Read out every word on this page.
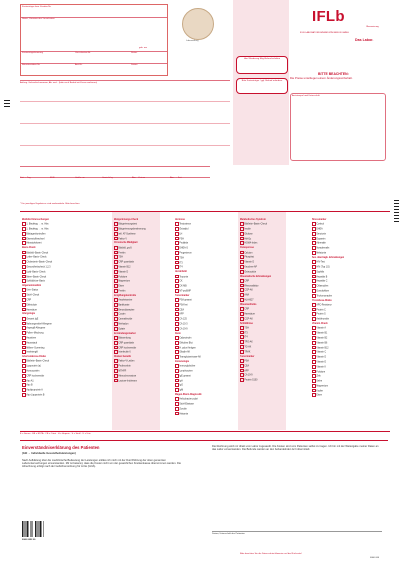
Kostenträger bzw. Kunden-Nr.
Name, Vorname des Versicherten
geb. am
Kostenträgerkennung	Versicherten-Nr.	Status
Betriebsstätten-Nr.	Arzt-Nr.	Datum
Laborauftrag
IFLb
IFLB LABORATORIUMSMEDIZIN BERLIN GMBH
Das Labor.
Überweisung
Hier Wiederung Eilig-Befund erhalten
Bitte Kostenträger / ggf. Befund anfordern
BITTE BEACHTEN:
Die Preise unterliegen einem Änderungsvorbehalt.
Arztstempel und Unterschrift
Auftrag: Gelsenkirchenmmer, Ab- und... (bitte nach Bedarf mit Kreuz markieren)
Zeit → Tag	EDB	Größe cm	Gewicht kg	Abn.→Datum	Abn. → Zeit
* Die jeweiligen Ergebnisse sind werbemitteln. Bitte beachten.
Blutbild-Untersuchungen
1. Bindetag → m. Hbe.
1. Bindetag → m. Hbe.
Bluttageskontrollen
Eisenstoffwechsel
Hämatokritwert
Basis-Check
Blutbild–Basis–Check
Leber–Basis–Check
Cholesterin–Basis–Check
Gesundheitscheck 1,2,3
Lipid–Basis–Check
Niere–Basis–Check
Schilddrüse–Basis
Allgemeinmedizin
Urin–Status
Stuhl–Check
CRP
Elektrolyte
Harnsäure
Allergologie
Gesamt IgE
Nahrungsmittel-Allergene
Aspergill-Allergene
Pollen–Mischung
Haustiere
Hausstaub
Milben–Screening
Insektengift
Arteriosklerose-Risiko
Blutfette–Basis–Check
Lipoprotein (a)
Homocystein
CRP hochsensitiv
Apo A1
Apo B
Apolipoprotein A
Apo-Lipoprotein B
Blutgerinnungs-Check
Blutgerinnungstest
Blutgerinnungsbestimmung
inkl. AT-Synthese
Faktor V
Chronische Müdigkeit
Blutbild, groß
Ferritin
TSH
CRP quantitativ
Vitamin B12
Vitamin D
Folsäure
Magnesium
Eisen
Ferritin
Entgiftungskontrolle
Amphetamine
Barbiturate
Benzodiazepine
Cocain
Cannabinoide
Methadon
Opiate
Entzündungsmarker
Blutsenkung
CRP quantitativ
CRP hochsensitiv
Interleukin 6
Risiken Genetik
Faktor-V-Leiden
Prothrombin
MTHFR
Hämochromatose
Lactose-Intoleranz
Hormone
Testosteron
Östradiol
LH
FSH
Prolaktin
DHEA-S
Progesteron
TSH
fT3
fT4
Herzinfarkt
Troponin
CK
CK-MB
NT-proBNP
Tumormarker
PSA gesamt
PSA frei
CEA
AFP
CA 125
CA 15-3
CA 19-9
Darm
Calprotectin
Okkultes Blut
H. pylori Antigen
Gliadin-AK
Transglutaminase-AK
Immunologie
Immunglobuline
Lymphozyten
IgE gesamt
IgA
IgG
IgM
Magen-/Darm-Diagnostik
Helicobacter pylori
Stuhl-Elastase
Zonulin
Histamin
Metabolisches Syndrom
Blutfette–Basis–Check
Insulin
Glukose
HbA1c
HOMA-Index
Osteoporose
Calcium
Phosphat
Vitamin D
Knochen-AP
Osteocalcin
Rheumatische Erkrankungen
CRP
Rheumafaktor
CCP-AK
ANA
HLA-B27
Rheuma-Risiko
CRP
Harnsäure
CCP-AK
Schilddrüse
TSH
fT3
fT4
TPO-AK
TG-AK
TRAK
Tumormarker
PSA
CEA
AFP
CA 19-9
Protein S100
Stressmarker
Cortisol
DHEA
Serotonin
Dopamin
Adrenalin
Noradrenalin
Melatonin
Sex. übertragb. Erkrankungen
HIV-Test
HIV (Typ 1/2)
Syphilis
Hepatitis B
Hepatitis C
Chlamydien
Gonokokken
Trichomonaden
Thrombose-Risiko
APC-Resistenz
Protein C
Protein S
Antithrombin
Vitamin-Check
Vitamin A
Vitamin B1
Vitamin B2
Vitamin B6
Vitamin B12
Vitamin C
Vitamin D
Vitamin E
Vitamin K
Folsäure
Zink
Selen
Magnesium
Kupfer
Eisen
E = Serum · EB = EDTA · CB = Citrat · H = Heparin · S = Stuhl · U = Urin
Einverständniserklärung des Patienten
(Gilt → Individuelle Gesundheitsleistungen)
Nach Aufklärung über die medizinische Bedeutung der Leistungen erkläre ich mich mit der Durchführung der oben genannten Laboruntersuchungen einverstanden. Mir ist bekannt, dass die Kosten nicht von der gesetzlichen Krankenkasse übernommen werden. Die Abrechnung erfolgt nach der Gebührenordnung für Ärzte (GOÄ).
Die Rechnung wird mir direkt vom Labor zugesandt. Die Kosten sind vom Patienten selbst zu tragen. Ich bin mit der Weitergabe meiner Daten an das Labor einverstanden. Die Befunde werden an den behandelnden Arzt übermittelt.
Datum, Unterschrift des Patienten
0026 0022 00
Bitte beachten Sie die Datenschutz-Hinweise auf der Rückseite!
0000 000
